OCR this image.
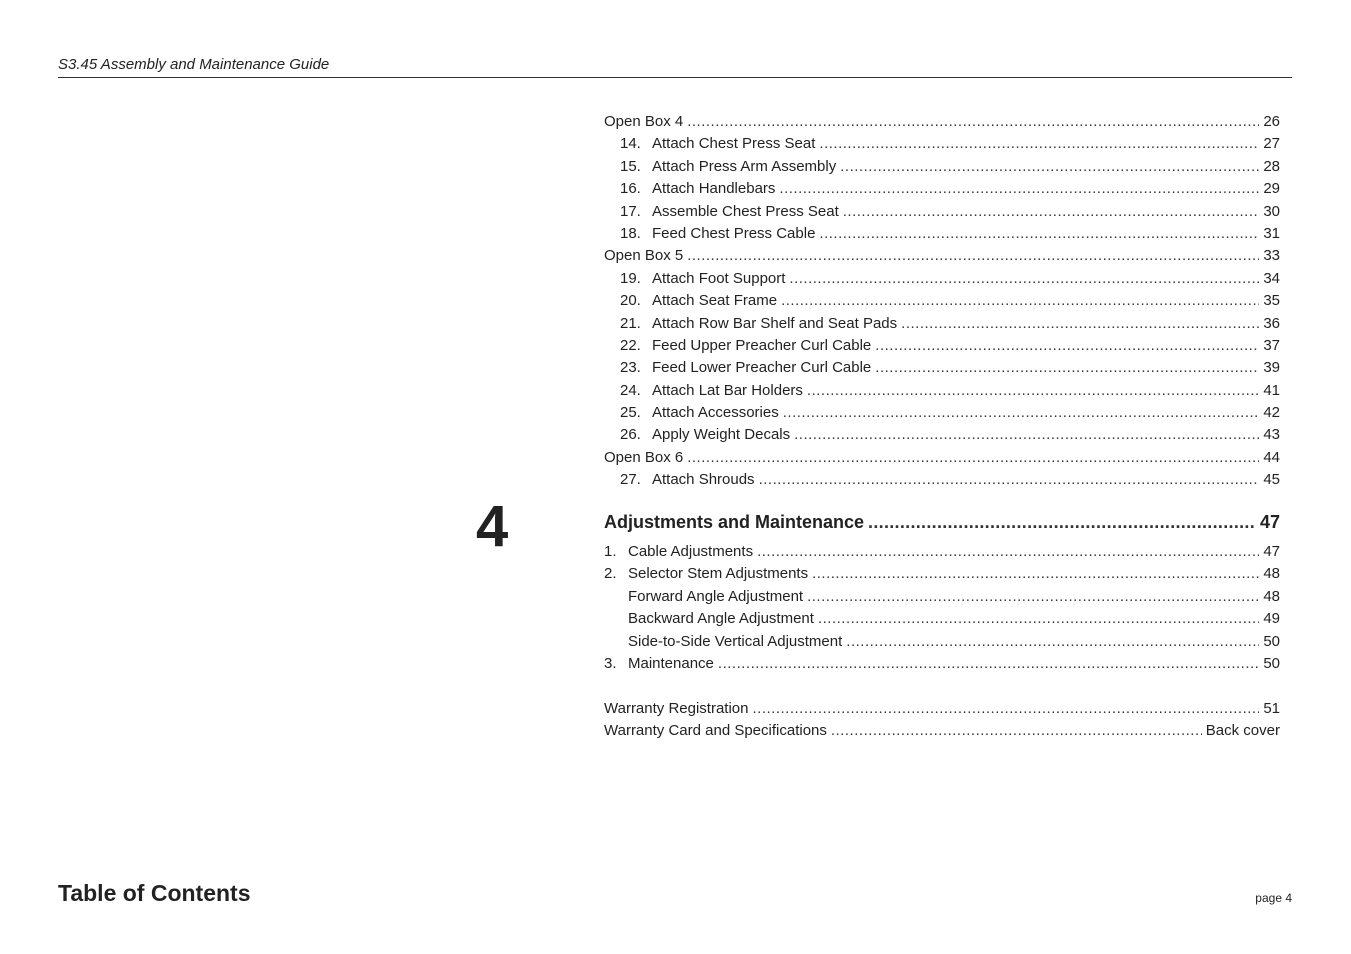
S3.45 Assembly and Maintenance Guide
4
Open Box 4 .....	26
14. Attach Chest Press Seat .....	27
15. Attach Press Arm Assembly .....	28
16. Attach Handlebars .....	29
17. Assemble Chest Press Seat .....	30
18. Feed Chest Press Cable .....	31
Open Box 5 .....	33
19. Attach Foot Support .....	34
20. Attach Seat Frame .....	35
21. Attach Row Bar Shelf and Seat Pads .....	36
22. Feed Upper Preacher Curl Cable .....	37
23. Feed Lower Preacher Curl Cable .....	39
24. Attach Lat Bar Holders .....	41
25. Attach Accessories .....	42
26. Apply Weight Decals .....	43
Open Box 6 .....	44
27. Attach Shrouds .....	45
Adjustments and Maintenance .....	47
1. Cable Adjustments .....	47
2. Selector Stem Adjustments .....	48
Forward Angle Adjustment .....	48
Backward Angle Adjustment .....	49
Side-to-Side Vertical Adjustment .....	50
3. Maintenance .....	50
Warranty Registration .....	51
Warranty Card and Specifications .....	Back cover
Table of Contents	page 4
